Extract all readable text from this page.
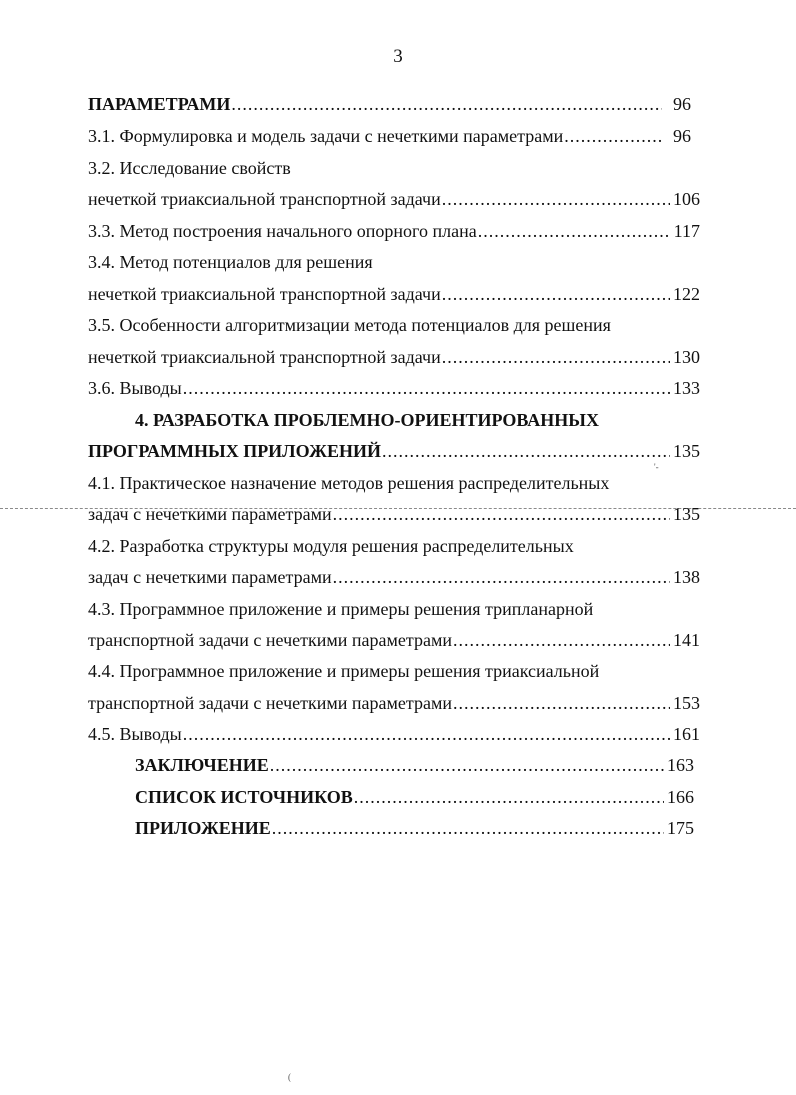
3
'-
(
ПАРАМЕТРАМИ .....	96
3.1. Формулировка и модель задачи с нечеткими параметрами .....	96
3.2. Исследование свойств
нечеткой триаксиальной транспортной задачи .....	106
3.3. Метод построения начального опорного плана .....	117
3.4. Метод потенциалов для решения
нечеткой триаксиальной транспортной задачи .....	122
3.5. Особенности алгоритмизации метода потенциалов для решения
нечеткой триаксиальной транспортной задачи .....	130
3.6. Выводы .....	133
4. РАЗРАБОТКА ПРОБЛЕМНО-ОРИЕНТИРОВАННЫХ
ПРОГРАММНЫХ ПРИЛОЖЕНИЙ .....	135
4.1. Практическое назначение методов решения распределительных
задач с нечеткими параметрами .....	135
4.2. Разработка структуры модуля решения распределительных
задач с нечеткими параметрами .....	138
4.3. Программное приложение и примеры решения трипланарной
транспортной задачи с нечеткими параметрами .....	141
4.4. Программное приложение и примеры решения триаксиальной
транспортной задачи с нечеткими параметрами .....	153
4.5. Выводы .....	161
ЗАКЛЮЧЕНИЕ .....	163
СПИСОК ИСТОЧНИКОВ .....	166
ПРИЛОЖЕНИЕ .....	175
